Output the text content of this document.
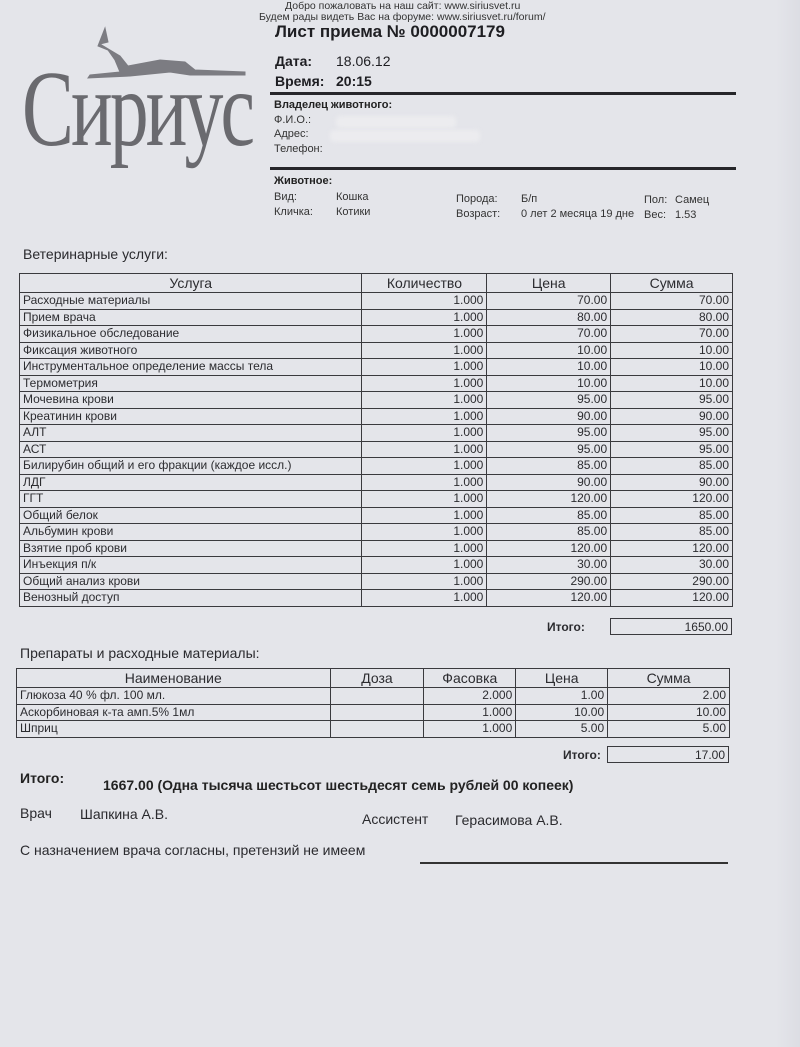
Добро пожаловать на наш сайт: www.siriusvet.ru
Будем рады видеть Вас на форуме: www.siriusvet.ru/forum/
Сириус
Лист приема № 0000007179
Дата: 18.06.12
Время: 20:15
Владелец животного:
Ф.И.О.:
Адрес:
Телефон:
Животное:
Вид:	Кошка
Кличка: Котики
Порода: Б/п
Возраст: 0 лет 2 месяца 19 дне
Пол: Самец
Вес: 1.53
Ветеринарные услуги:
Услуга	Количество	Цена	Сумма
Расходные материалы	1.000	70.00	70.00
Прием врача	1.000	80.00	80.00
Физикальное обследование	1.000	70.00	70.00
Фиксация животного	1.000	10.00	10.00
Инструментальное определение массы тела	1.000	10.00	10.00
Термометрия	1.000	10.00	10.00
Мочевина крови	1.000	95.00	95.00
Креатинин крови	1.000	90.00	90.00
АЛТ	1.000	95.00	95.00
АСТ	1.000	95.00	95.00
Билирубин общий и его фракции (каждое иссл.)	1.000	85.00	85.00
ЛДГ	1.000	90.00	90.00
ГГТ	1.000	120.00	120.00
Общий белок	1.000	85.00	85.00
Альбумин крови	1.000	85.00	85.00
Взятие проб крови	1.000	120.00	120.00
Инъекция п/к	1.000	30.00	30.00
Общий анализ крови	1.000	290.00	290.00
Венозный доступ	1.000	120.00	120.00
Итого:	1650.00
Препараты и расходные материалы:
Наименование	Доза	Фасовка	Цена	Сумма
Глюкоза 40 % фл. 100 мл.		2.000	1.00	2.00
Аскорбиновая к-та амп.5% 1мл		1.000	10.00	10.00
Шприц		1.000	5.00	5.00
Итого:	17.00
Итого:	1667.00 (Одна тысяча шестьсот шестьдесят семь рублей 00 копеек)
Врач Шапкина А.В.	Ассистент Герасимова А.В.
С назначением врача согласны, претензий не имеем
